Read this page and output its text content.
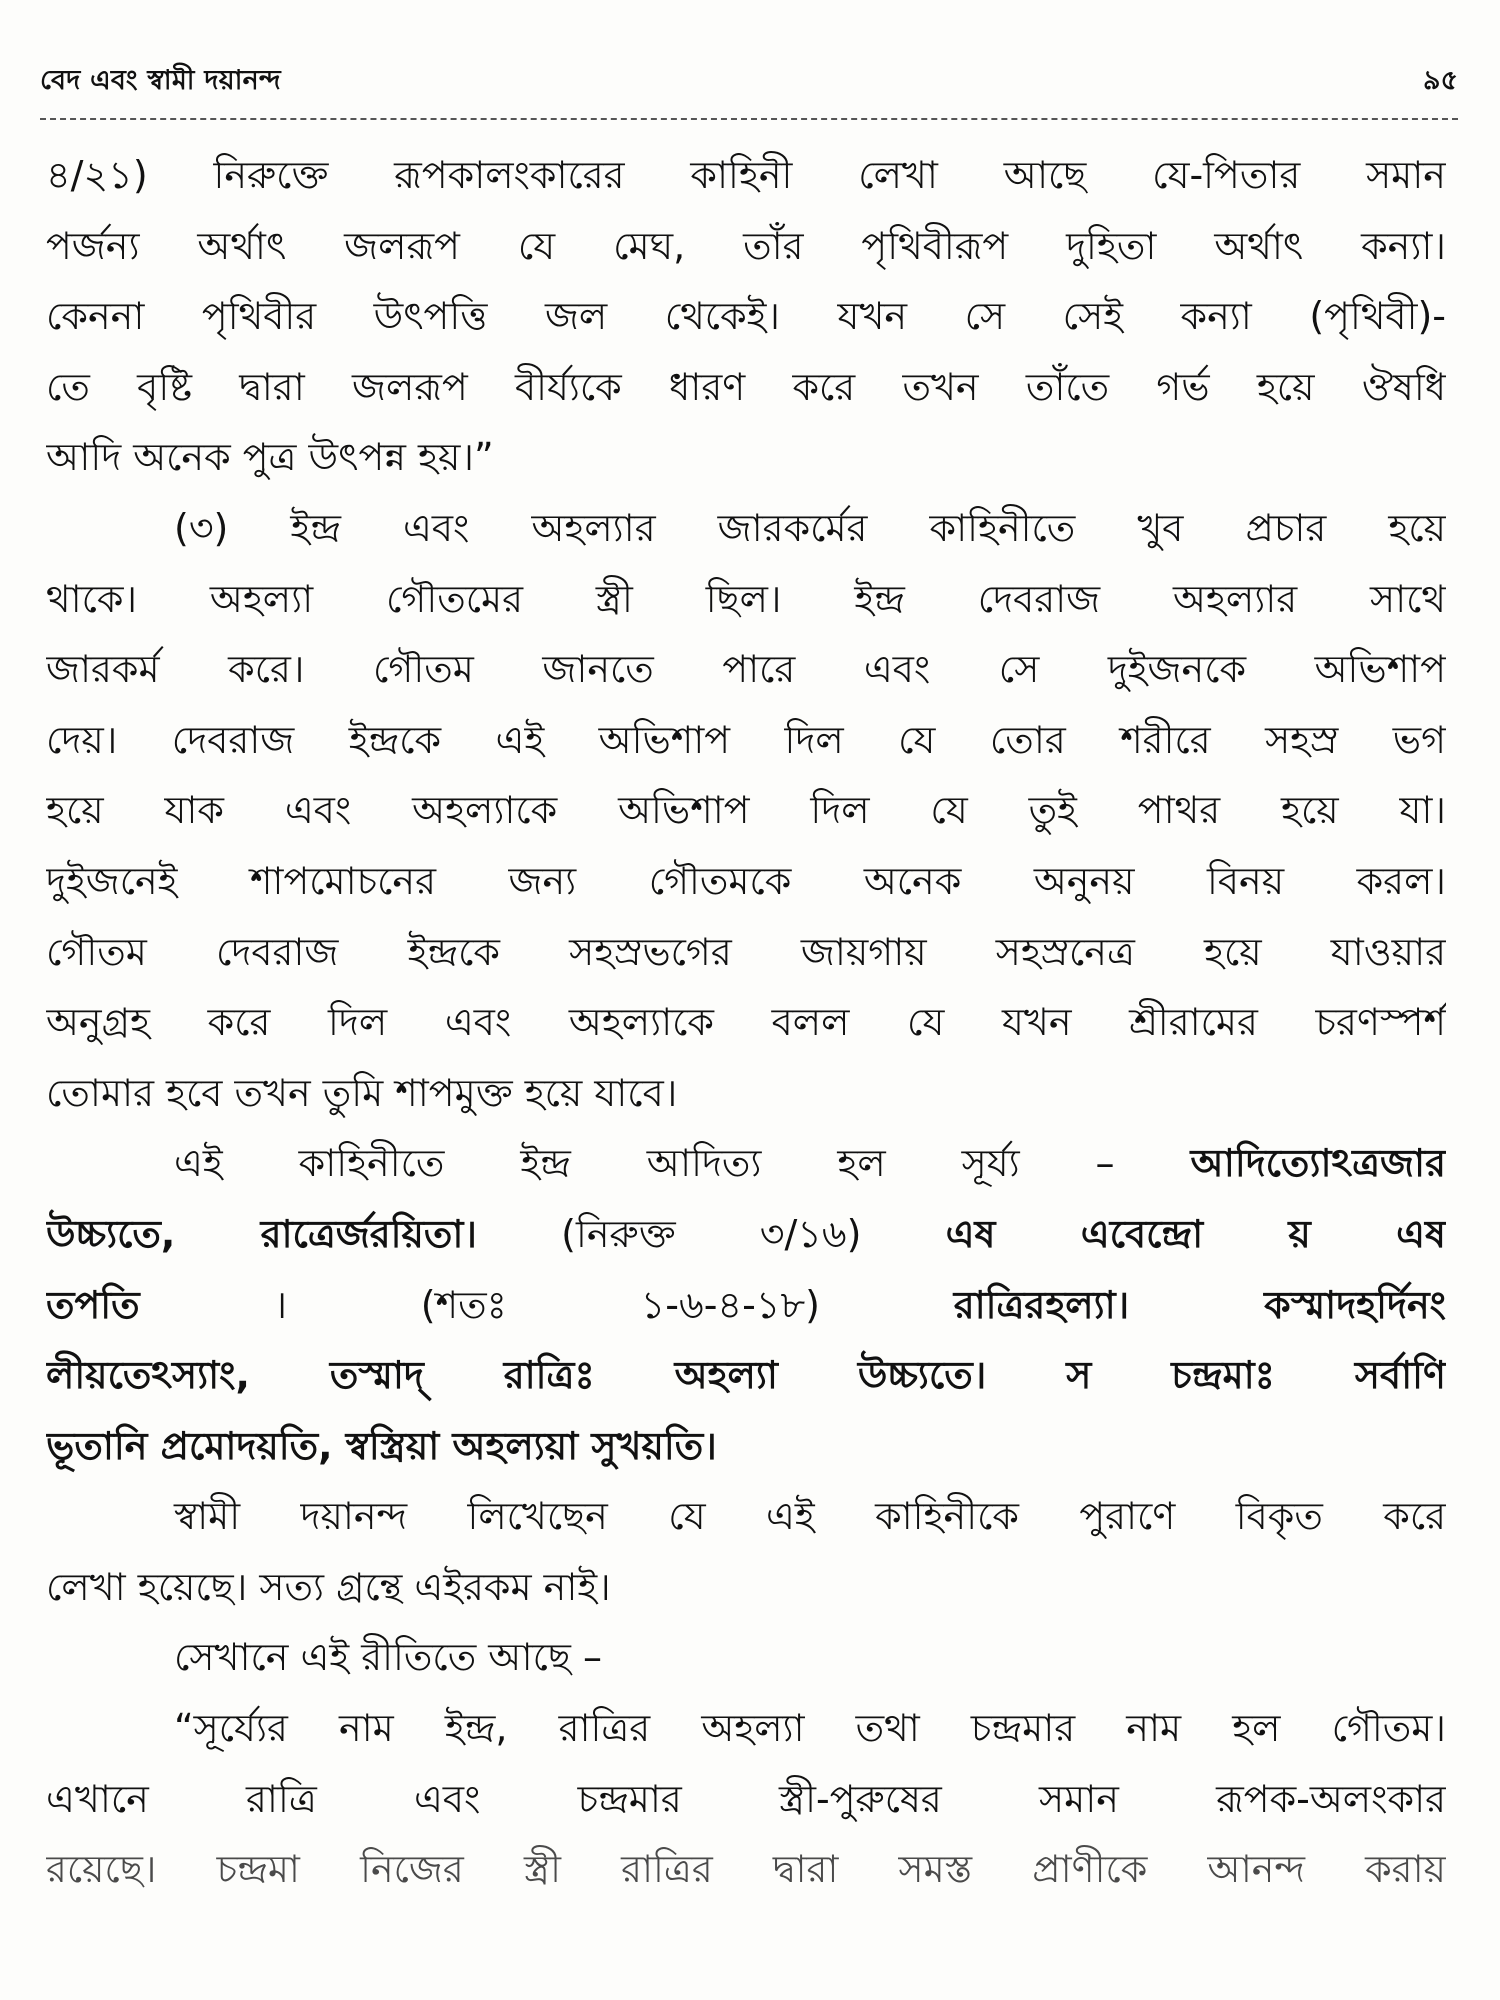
বেদ এবং স্বামী দয়ানন্দ	৯৫
৪/২১) নিরুক্তে রূপকালংকারের কাহিনী লেখা আছে যে-পিতার সমান
পর্জন্য অর্থাৎ জলরূপ যে মেঘ, তাঁর পৃথিবীরূপ দুহিতা অর্থাৎ কন্যা।
কেননা পৃথিবীর উৎপত্তি জল থেকেই। যখন সে সেই কন্যা (পৃথিবী)-
তে বৃষ্টি দ্বারা জলরূপ বীর্য্যকে ধারণ করে তখন তাঁতে গর্ভ হয়ে ঔষধি
আদি অনেক পুত্র উৎপন্ন হয়।”
(৩) ইন্দ্র এবং অহল্যার জারকর্মের কাহিনীতে খুব প্রচার হয়ে
থাকে। অহল্যা গৌতমের স্ত্রী ছিল। ইন্দ্র দেবরাজ অহল্যার সাথে
জারকর্ম করে। গৌতম জানতে পারে এবং সে দুইজনকে অভিশাপ
দেয়। দেবরাজ ইন্দ্রকে এই অভিশাপ দিল যে তোর শরীরে সহস্র ভগ
হয়ে যাক এবং অহল্যাকে অভিশাপ দিল যে তুই পাথর হয়ে যা।
দুইজনেই শাপমোচনের জন্য গৌতমকে অনেক অনুনয় বিনয় করল।
গৌতম দেবরাজ ইন্দ্রকে সহস্রভগের জায়গায় সহস্রনেত্র হয়ে যাওয়ার
অনুগ্রহ করে দিল এবং অহল্যাকে বলল যে যখন শ্রীরামের চরণস্পর্শ
তোমার হবে তখন তুমি শাপমুক্ত হয়ে যাবে।
এই কাহিনীতে ইন্দ্র আদিত্য হল সূর্য্য – আদিত্যোঽত্রজার
উচ্চ্যতে, রাত্রের্জরয়িতা। (নিরুক্ত ৩/১৬) এষ এবেন্দ্রো য় এষ
তপতি	। (শতঃ ১-৬-৪-১৮)	রাত্রিরহল্যা। কস্মাদহর্দিনং
লীয়তেঽস্যাং, তস্মাদ্ রাত্রিঃ অহল্যা উচ্চ্যতে। স চন্দ্রমাঃ সর্বাণি
ভূতানি প্রমোদয়তি, স্বস্ত্রিয়া অহল্যয়া সুখয়তি।
স্বামী দয়ানন্দ লিখেছেন যে এই কাহিনীকে পুরাণে বিকৃত করে
লেখা হয়েছে। সত্য গ্রন্থে এইরকম নাই।
সেখানে এই রীতিতে আছে –
“সূর্য্যের নাম ইন্দ্র, রাত্রির অহল্যা তথা চন্দ্রমার নাম হল গৌতম।
এখানে রাত্রি এবং চন্দ্রমার স্ত্রী-পুরুষের সমান রূপক-অলংকার
রয়েছে। চন্দ্রমা নিজের স্ত্রী রাত্রির দ্বারা সমস্ত প্রাণীকে আনন্দ করায়
